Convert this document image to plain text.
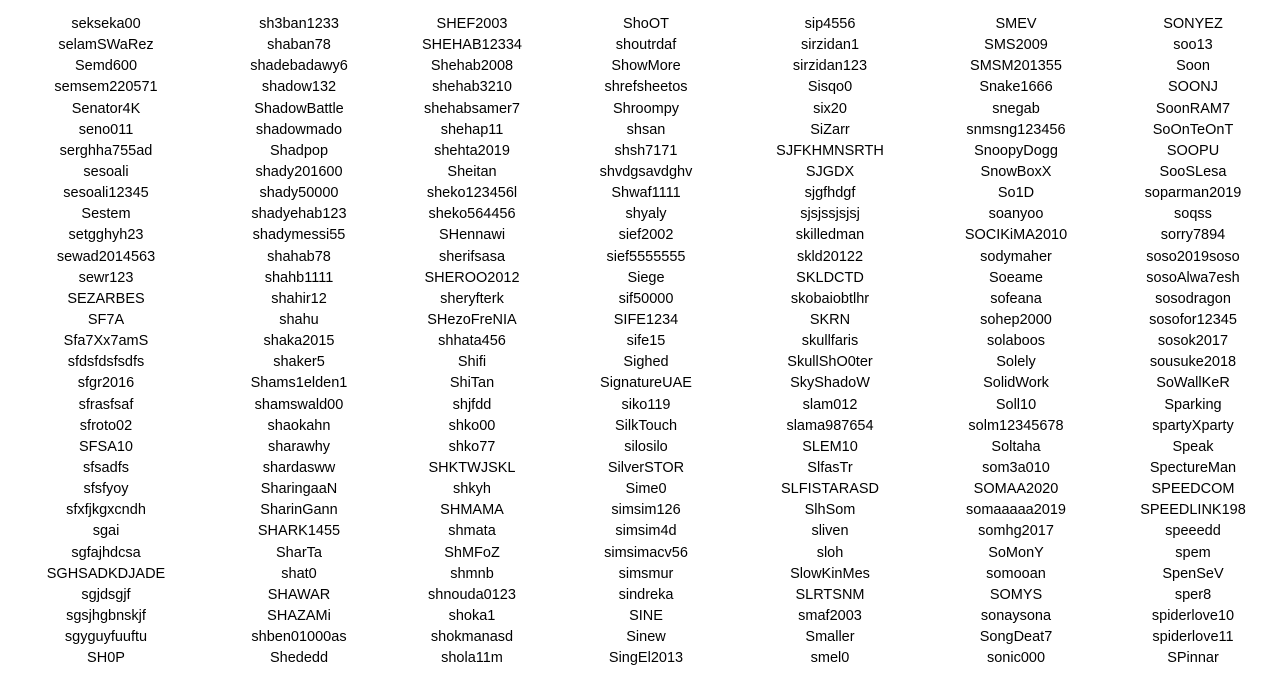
sekseka00
selamSWaRez
Semd600
semsem220571
Senator4K
seno011
serghha755ad
sesoali
sesoali12345
Sestem
setgghyh23
sewad2014563
sewr123
SEZARBES
SF7A
Sfa7Xx7amS
sfdsfdsfsdfs
sfgr2016
sfrasfsaf
sfroto02
SFSA10
sfsadfs
sfsfyoy
sfxfjkgxcndh
sgai
sgfajhdcsa
SGHSADKDJADE
sgjdsgjf
sgsjhgbnskjf
sgyguyfuuftu
SH0P
sh3ban1233
shaban78
shadebadawy6
shadow132
ShadowBattle
shadowmado
Shadpop
shady201600
shady50000
shadyehab123
shadymessi55
shahab78
shahb1111
shahir12
shahu
shaka2015
shaker5
Shams1elden1
shamswald00
shaokahn
sharawhy
shardasww
SharingaaN
SharinGann
SHARK1455
SharTa
shat0
SHAWAR
SHAZAMi
shben01000as
Shededd
SHEF2003
SHEHAB12334
Shehab2008
shehab3210
shehabsamer7
shehap11
shehta2019
Sheitan
sheko123456l
sheko564456
SHennawi
sherifsasa
SHEROO2012
sheryfterk
SHezoFreNIA
shhata456
Shifi
ShiTan
shjfdd
shko00
shko77
SHKTWJSKL
shkyh
SHMAMA
shmata
ShMFoZ
shmnb
shnouda0123
shoka1
shokmanasd
shola11m
ShoOT
shoutrdaf
ShowMore
shrefsheetos
Shroompy
shsan
shsh7171
shvdgsavdghv
Shwaf1111
shyaly
sief2002
sief5555555
Siege
sif50000
SIFE1234
sife15
Sighed
SignatureUAE
siko119
SilkTouch
silosilo
SilverSTOR
Sime0
simsim126
simsim4d
simsimacv56
simsmur
sindreka
SINE
Sinew
SingEl2013
sip4556
sirzidan1
sirzidan123
Sisqo0
six20
SiZarr
SJFKHMNSRTH
SJGDX
sjgfhdgf
sjsjssjsjsj
skilledman
skld20122
SKLDCTD
skobaiobtlhr
SKRN
skullfaris
SkullShO0ter
SkyShadoW
slam012
slama987654
SLEM10
SlfasTr
SLFISTARASD
SlhSom
sliven
sloh
SlowKinMes
SLRTSNM
smaf2003
Smaller
smel0
SMEV
SMS2009
SMSM201355
Snake1666
snegab
snmsng123456
SnoopyDogg
SnowBoxX
So1D
soanyoo
SOCIKiMA2010
sodymaher
Soeame
sofeana
sohep2000
solaboos
Solely
SolidWork
Soll10
solm12345678
Soltaha
som3a010
SOMAA2020
somaaaaa2019
somhg2017
SoMonY
somooan
SOMYS
sonaysona
SongDeat7
sonic000
SONYEZ
soo13
Soon
SOONJ
SoonRAM7
SoOnTeOnT
SOOPU
SooSLesa
soparman2019
soqss
sorry7894
soso2019soso
sosoAlwa7esh
sosodragon
sosofor12345
sosok2017
sousuke2018
SoWallKeR
Sparking
spartyXparty
Speak
SpectureMan
SPEEDCOM
SPEEDLINK198
speeedd
spem
SpenSeV
sper8
spiderlove10
spiderlove11
SPinnar
